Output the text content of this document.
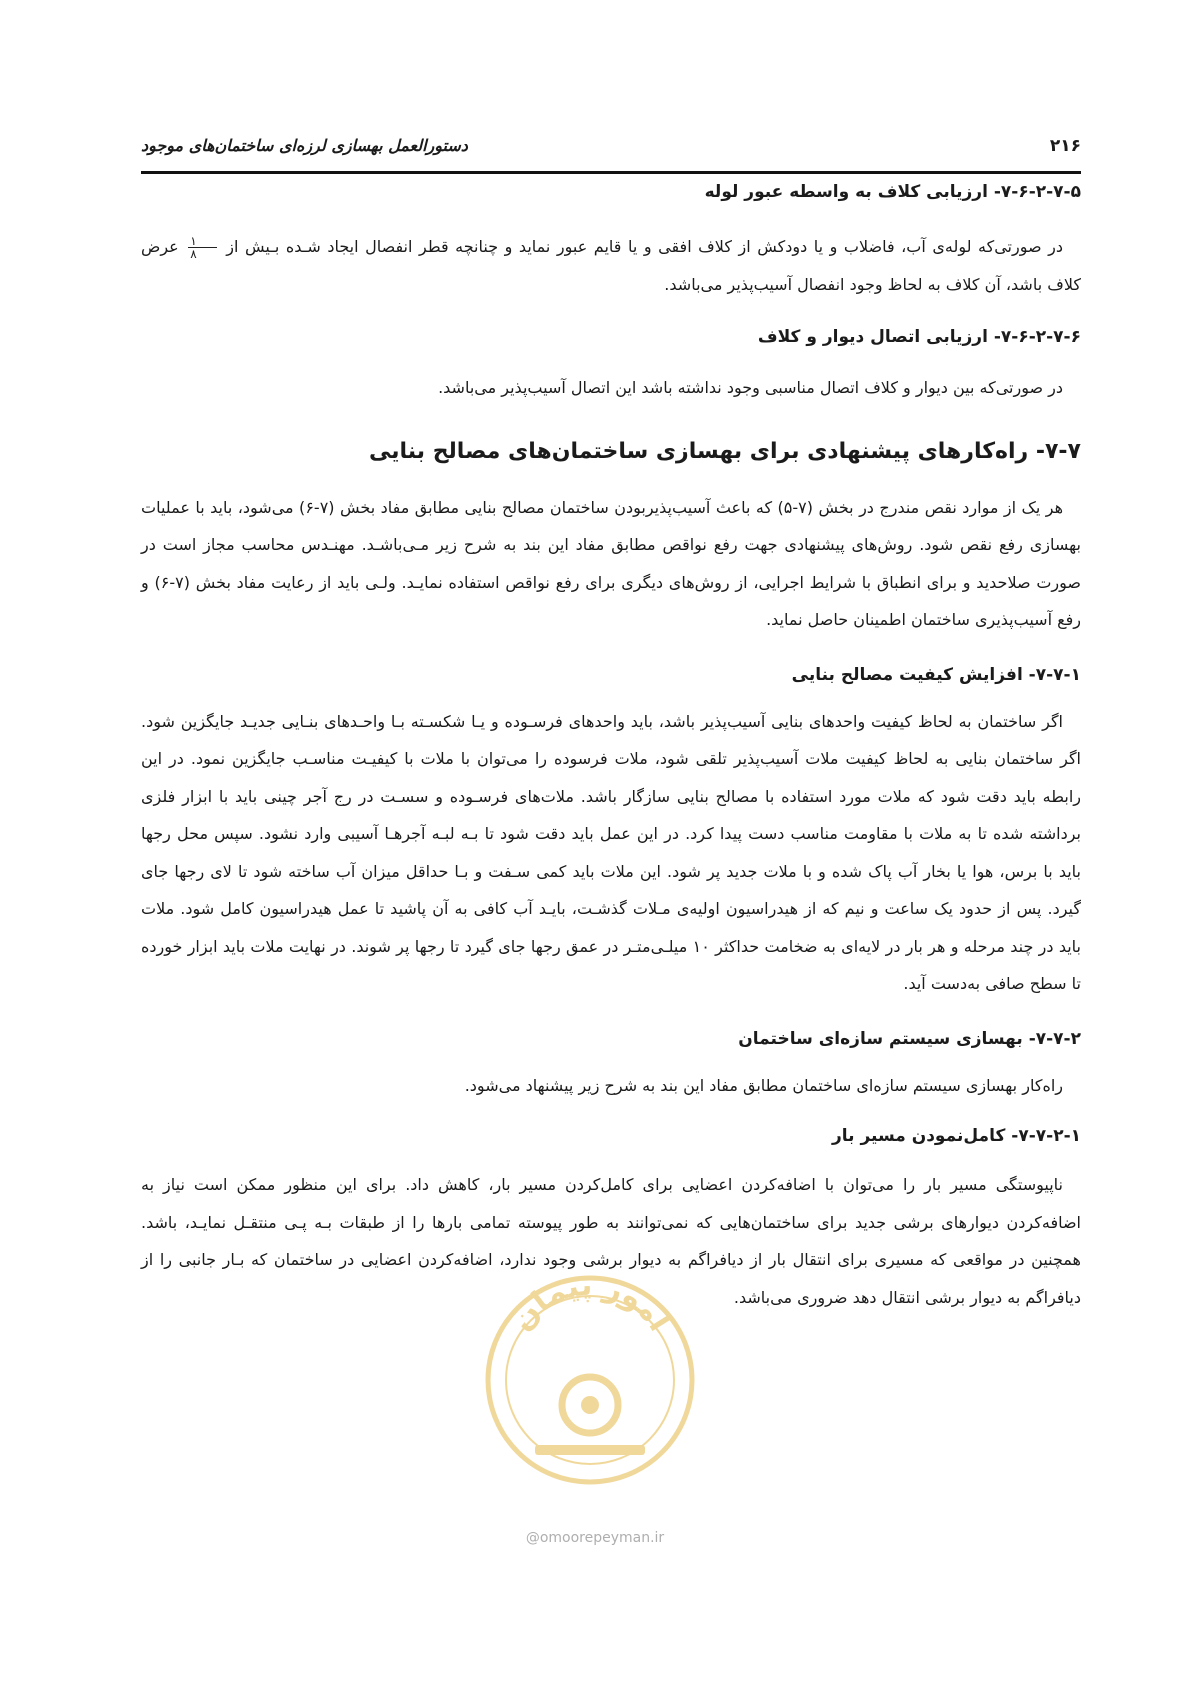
۲۱۶
دستورالعمل بهسازی لرزه‌ای ساختمان‌های موجود
۷-۶-۲-۷-۵- ارزیابی کلاف به واسطه عبور لوله

در صورتی‌که لوله‌ی آب، فاضلاب و یا دودکش از کلاف افقی و یا قایم عبور نماید و چنانچه قطر انفصال ایجاد شـده بـیش از
$\frac{۱}{۸}$
عرض کلاف باشد، آن کلاف به لحاظ وجود انفصال آسیب‌پذیر می‌باشد.

۷-۶-۲-۷-۶- ارزیابی اتصال دیوار و کلاف

در صورتی‌که بین دیوار و کلاف اتصال مناسبی وجود نداشته باشد این اتصال آسیب‌پذیر می‌باشد.

۷-۷- راه‌کارهای پیشنهادی برای بهسازی ساختمان‌های مصالح بنایی

هر یک از موارد نقص مندرج در بخش (۷-۵) که باعث آسیب‌پذیربودن ساختمان مصالح بنایی مطابق مفاد بخش (۷-۶) می‌شود، باید با عملیات بهسازی رفع نقص شود. روش‌های پیشنهادی جهت رفع نواقص مطابق مفاد این بند به شرح زیر مـی‌باشـد. مهنـدس محاسب مجاز است در صورت صلاحدید و برای انطباق با شرایط اجرایی، از روش‌های دیگری برای رفع نواقص استفاده نمایـد. ولـی باید از رعایت مفاد بخش (۷-۶) و رفع آسیب‌پذیری ساختمان اطمینان حاصل نماید.

۷-۷-۱- افزایش کیفیت مصالح بنایی

اگر ساختمان به لحاظ کیفیت واحدهای بنایی آسیب‌پذیر باشد، باید واحدهای فرسـوده و یـا شکسـته بـا واحـدهای بنـایی جدیـد جایگزین شود. اگر ساختمان بنایی به لحاظ کیفیت ملات آسیب‌پذیر تلقی شود، ملات فرسوده را می‌توان با ملات با کیفیـت مناسـب جایگزین نمود. در این رابطه باید دقت شود که ملات مورد استفاده با مصالح بنایی سازگار باشد. ملات‌های فرسـوده و سسـت در رج آجر چینی باید با ابزار فلزی برداشته شده تا به ملات با مقاومت مناسب دست پیدا کرد. در این عمل باید دقت شود تا بـه لبـه آجرهـا آسیبی وارد نشود. سپس محل رجها باید با برس، هوا یا بخار آب پاک شده و با ملات جدید پر شود. این ملات باید کمی سـفت و بـا حداقل میزان آب ساخته شود تا لای رجها جای گیرد. پس از حدود یک ساعت و نیم که از هیدراسیون اولیه‌ی مـلات گذشـت، بایـد آب کافی به آن پاشید تا عمل هیدراسیون کامل شود. ملات باید در چند مرحله و هر بار در لایه‌ای به ضخامت حداکثر ۱۰ میلـی‌متـر در عمق رجها جای گیرد تا رجها پر شوند. در نهایت ملات باید ابزار خورده تا سطح صافی به‌دست آید.

۷-۷-۲- بهسازی سیستم سازه‌ای ساختمان

راه‌کار بهسازی سیستم سازه‌ای ساختمان مطابق مفاد این بند به شرح زیر پیشنهاد می‌شود.

۷-۷-۲-۱- کامل‌نمودن مسیر بار

ناپیوستگی مسیر بار را می‌توان با اضافه‌کردن اعضایی برای کامل‌کردن مسیر بار، کاهش داد. برای این منظور ممکن است نیاز به اضافه‌کردن دیوارهای برشی جدید برای ساختمان‌هایی که نمی‌توانند به طور پیوسته تمامی بارها را از طبقات بـه پـی منتقـل نمایـد، باشد. همچنین در مواقعی که مسیری برای انتقال بار از دیافراگم به دیوار برشی وجود ندارد، اضافه‌کردن اعضایی در ساختمان که بـار جانبی را از دیافراگم به دیوار برشی انتقال دهد ضروری می‌باشد.

امور پیمان
@omoorepeyman.ir
